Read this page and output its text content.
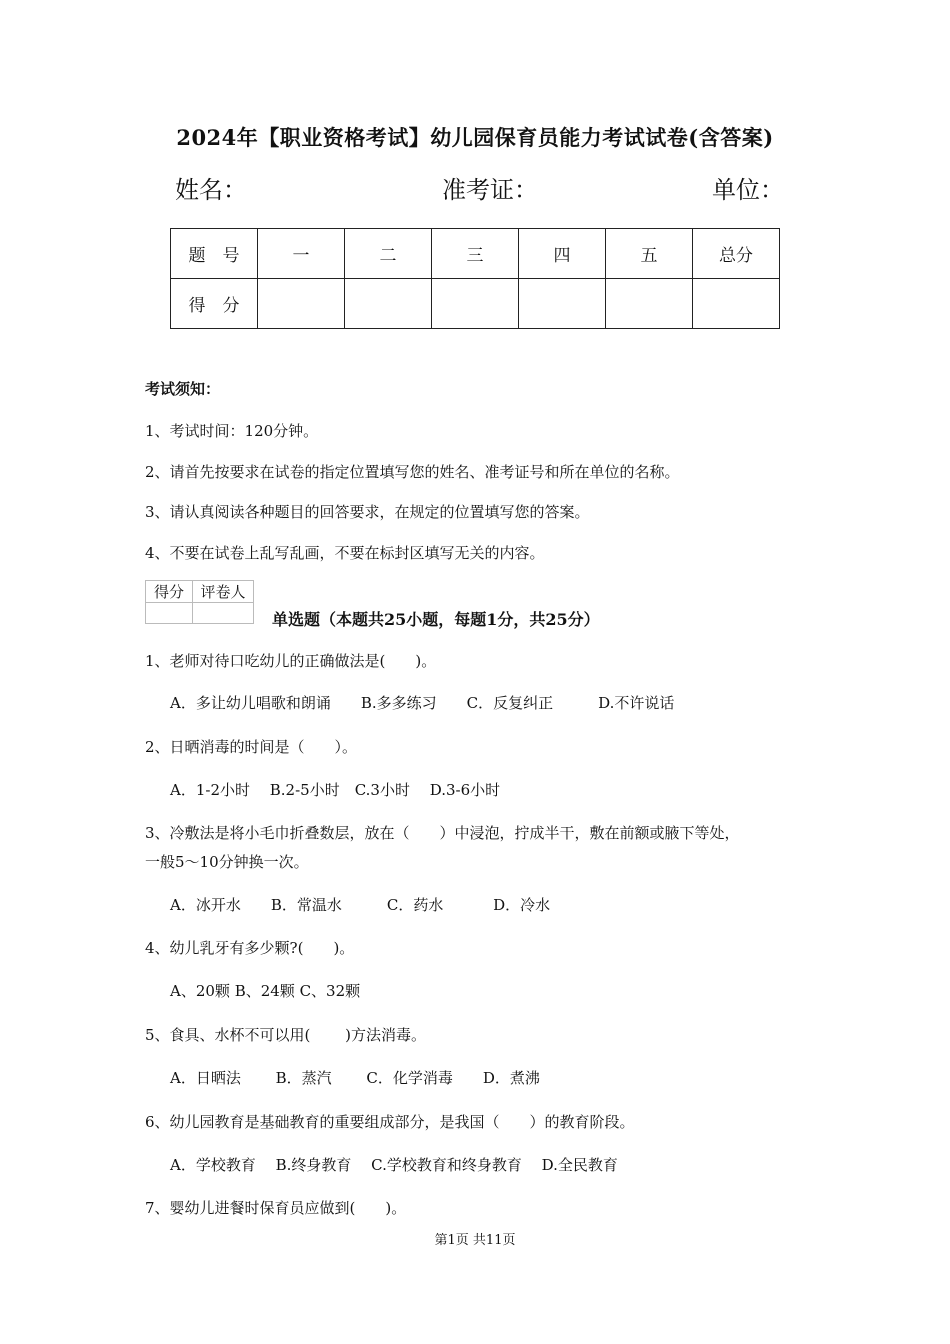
2024年【职业资格考试】幼儿园保育员能力考试试卷(含答案)
姓名：	准考证：	单位：
题　号	一	二	三	四	五	总分
得　分						
考试须知：
1、考试时间：120分钟。
2、请首先按要求在试卷的指定位置填写您的姓名、准考证号和所在单位的名称。
3、请认真阅读各种题目的回答要求，在规定的位置填写您的答案。
4、不要在试卷上乱写乱画，不要在标封区填写无关的内容。
得分	评卷人

单选题（本题共25小题，每题1分，共25分）
1、老师对待口吃幼儿的正确做法是(　　)。
A．多让幼儿唱歌和朗诵　　B.多多练习　　C．反复纠正　　　D.不许说话
2、日晒消毒的时间是（　　）。
A．1-2小时　 B.2-5小时　C.3小时　 D.3-6小时
3、冷敷法是将小毛巾折叠数层，放在（　　）中浸泡，拧成半干，敷在前额或腋下等处，
一般5～10分钟换一次。
A．冰开水　　B．常温水　　　C．药水　　　 D．冷水
4、幼儿乳牙有多少颗?(　　)。
A、20颗 B、24颗 C、32颗
5、食具、水杯不可以用(　　 )方法消毒。
A．日晒法　　 B．蒸汽　　 C．化学消毒　　D．煮沸
6、幼儿园教育是基础教育的重要组成部分，是我国（　　）的教育阶段。
A．学校教育　 B.终身教育　 C.学校教育和终身教育　 D.全民教育
7、婴幼儿进餐时保育员应做到(　　)。
第1页 共11页
